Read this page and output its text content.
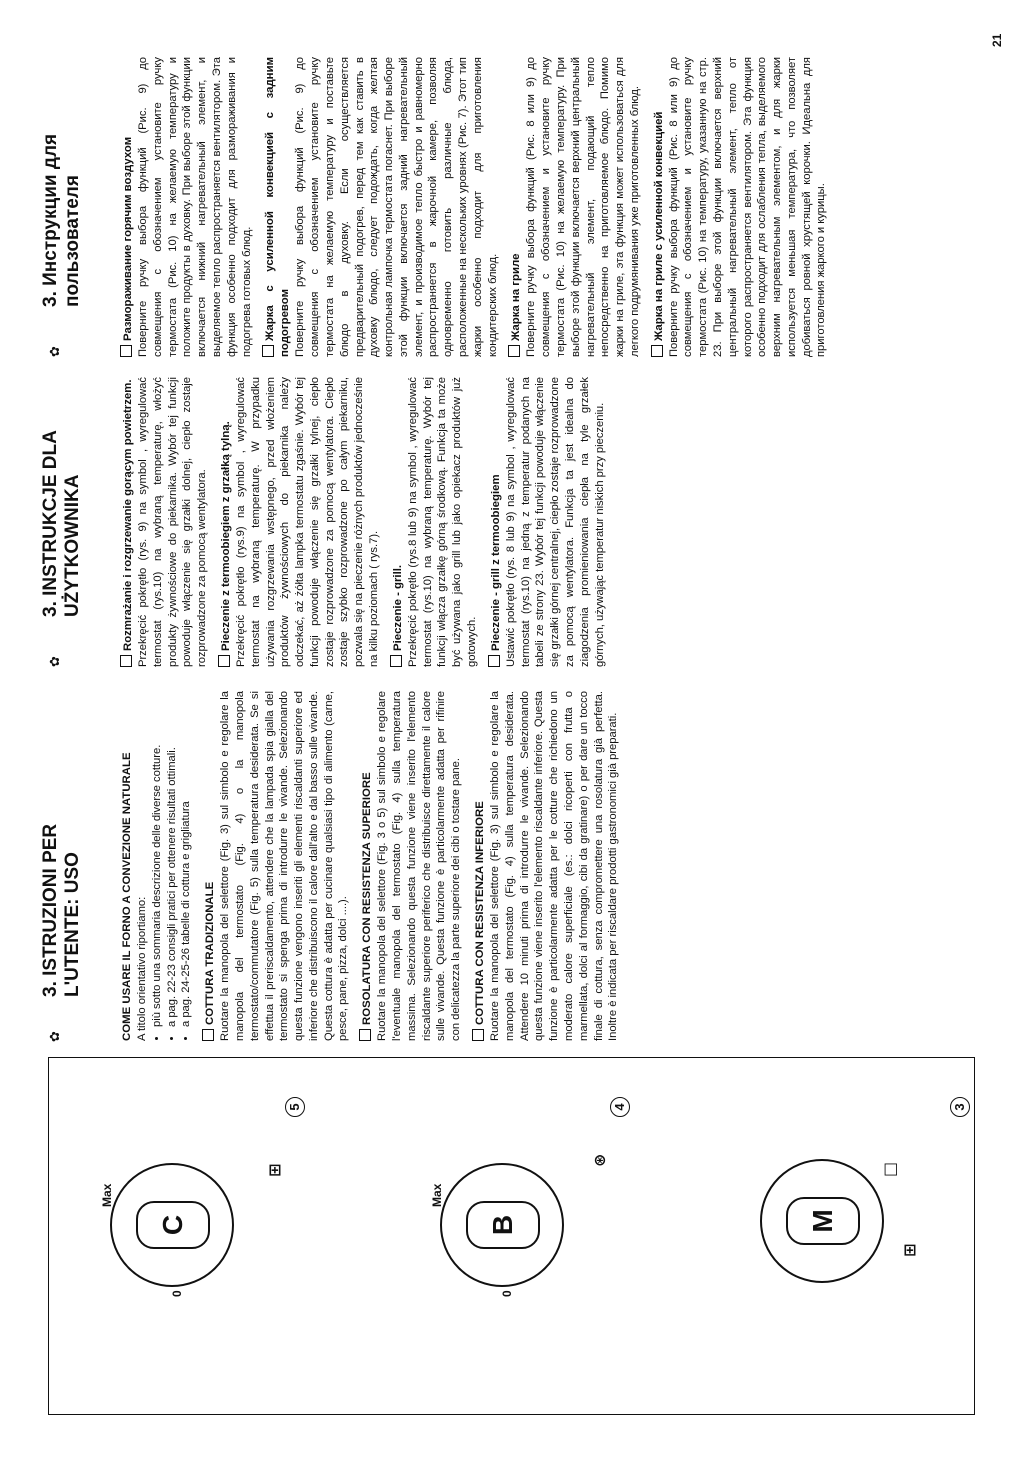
M
3
□
⊞
B
4
⊛
0
Max
C
5
⊞
0
Max
✿
3. ISTRUZIONI PER L'UTENTE: USO	COME USARE IL FORNO A CONVEZIONE NATURALE A titolo orientativo riportiamo: • più sotto una sommaria descrizione delle diverse cotture. • a pag. 22-23 consigli pratici per ottenere risultati ottimali. • a pag. 24-25-26 tabelle di cottura e grigliatura COTTURA TRADIZIONALE Ruotare la manopola del selettore (Fig. 3) sul simbolo e regolare la manopola del termostato (Fig. 4) o la manopola termostato/commutatore (Fig. 5) sulla temperatura desiderata. Se si effettua il preriscaldamento, attendere che la lampada spia gialla del termostato si spenga prima di introdurre le vivande. Selezionando questa funzione vengono inseriti gli elementi riscaldanti superiore ed inferiore che distribuiscono il calore dall'alto e dal basso sulle vivande. Questa cottura è adatta per cucinare qualsiasi tipo di alimento (carne, pesce, pane, pizza, dolci ....). ROSOLATURA CON RESISTENZA SUPERIORE Ruotare la manopola del selettore (Fig. 3 o 5) sul simbolo e regolare l'eventuale manopola del termostato (Fig. 4) sulla temperatura massima. Selezionando questa funzione viene inserito l'elemento riscaldante superiore periferico che distribuisce direttamente il calore sulle vivande. Questa funzione è particolarmente adatta per rifinire con delicatezza la parte superiore dei cibi o tostare pane. COTTURA CON RESISTENZA INFERIORE Ruotare la manopola del selettore (Fig. 3) sul simbolo e regolare la manopola del termostato (Fig. 4) sulla temperatura desiderata. Attendere 10 minuti prima di introdurre le vivande. Selezionando questa funzione viene inserito l'elemento riscaldante inferiore. Questa funzione è particolarmente adatta per le cotture che richiedono un moderato calore superficiale (es.: dolci ricoperti con frutta o marmellata, dolci al formaggio, cibi da gratinare) o per dare un tocco finale di cottura, senza compromettere una rosolatura già perfetta. Inoltre è indicata per riscaldare prodotti gastronomici già preparati.

✿
3. INSTRUKCJE DLA UŻYTKOWNIKA	Rozmrażanie i rozgrzewanie gorącym powietrzem. Przekręcić pokrętło (rys. 9) na symbol , wyregulować termostat (rys.10) na wybraną temperaturę, włożyć produkty żywnościowe do piekarnika. Wybór tej funkcji powoduje włączenie się grzałki dolnej, ciepło zostaje rozprowadzone za pomocą wentylatora. Pieczenie z termoobiegiem z grzałką tylną. Przekręcić pokrętło (rys.9) na symbol , wyregulować termostat na wybraną temperaturę. W przypadku używania rozgrzewania wstępnego, przed włożeniem produktów żywnościowych do piekarnika należy odczekać, aż żółta lampka termostatu zgaśnie. Wybór tej funkcji powoduje włączenie się grzałki tylnej, ciepło zostaje rozprowadzone za pomocą wentylatora. Ciepło zostaje szybko rozprowadzone po całym piekarniku, pozwala się na pieczenie różnych produktów jednocześnie na kilku poziomach ( rys.7). Pieczenie - grill. Przekręcić pokrętło (rys.8 lub 9) na symbol , wyregulować termostat (rys.10) na wybraną temperaturę. Wybór tej funkcji włącza grzałkę górną środkową. Funkcja ta może być używana jako grill lub jako opiekacz produktów już gotowych. Pieczenie - grill z termoobiegiem Ustawić pokrętło (rys. 8 lub 9) na symbol , wyregulować termostat (rys.10) na jedną z temperatur podanych na tabeli ze strony 23. Wybór tej funkcji powoduje włączenie się grzałki górnej centralnej, ciepło zostaje rozprowadzone za pomocą wentylatora. Funkcja ta jest idealna do ziagodzenia promieniowania ciepła na tyle grzałek górnych, używając temperatur niskich przy pieczeniu.

✿
3. Инструкции для пользователя	Размораживание горячим воздухом Поверните ручку выбора функций (Рис. 9) до совмещения с обозначением установите ручку термостата (Рис. 10) на желаемую температуру и положите продукты в духовку. При выборе этой функции включается нижний нагревательный элемент, и выделяемое тепло распространяется вентилятором. Эта функция особенно подходит для размораживания и подогрева готовых блюд. Жарка с усиленной конвекцией с задним подогревом Поверните ручку выбора функций (Рис. 9) до совмещения с обозначением установите ручку термостата на желаемую температуру и поставьте блюдо в духовку. Если осуществляется предварительный подогрев, перед тем как ставить в духовку блюдо, следует подождать, когда желтая контрольная лампочка термостата погаснет. При выборе этой функции включается задний нагревательный элемент, и производимое тепло быстро и равномерно распространяется в жарочной камере, позволяя одновременно готовить различные блюда, расположенные на нескольких уровнях (Рис. 7). Этот тип жарки особенно подходит для приготовления кондитерских блюд. Жарка на гриле Поверните ручку выбора функций (Рис. 8 или 9) до совмещения с обозначением и установите ручку термостата (Рис. 10) на желаемую температуру. При выборе этой функции включается верхний центральный нагревательный элемент, подающий тепло непосредственно на приготовляемое блюдо. Помимо жарки на гриле, эта функция может использоваться для легкого подрумянивания уже приготовленных блюд. Жарка на гриле с усиленной конвекцией Поверните ручку выбора функций (Рис. 8 или 9) до совмещения с обозначением и установите ручку термостата (Рис. 10) на температуру, указанную на стр. 23. При выборе этой функции включается верхний центральный нагревательный элемент, тепло от которого распространяется вентилятором. Эта функция особенно подходит для ослабления тепла, выделяемого верхним нагревательным элементом, и для жарки используется меньшая температура, что позволяет добиваться ровной хрустящей корочки. Идеальна для приготовления жаркого и курицы.

21
